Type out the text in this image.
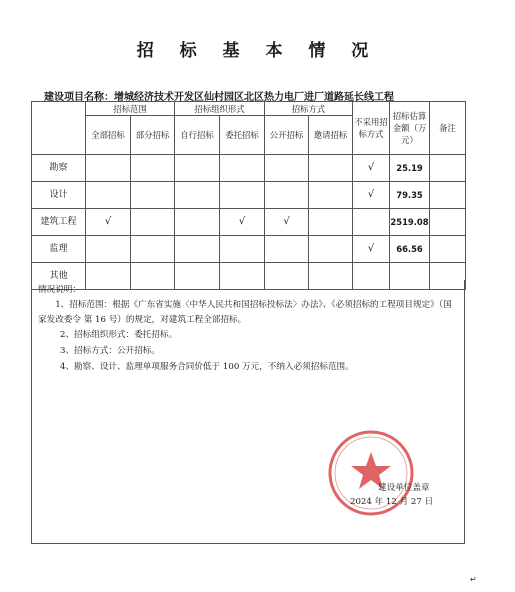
招 标 基 本 情 况
建设项目名称：增城经济技术开发区仙村园区北区热力电厂进厂道路延长线工程
	招标范围		招标组织形式		招标方式		不采用招标方式	招标估算金额（万元）	备注
	全部招标	部分招标	自行招标	委托招标	公开招标	邀请招标			
勘察							√	25.19	
设计							√	79.35	
建筑工程	√			√	√			2519.08	
监理							√	66.56	
其他									
情况说明：
1、招标范围：根据《广东省实施〈中华人民共和国招标投标法〉办法》、《必须招标的工程项目规定》（国家发改委令 第 16 号）的规定，对建筑工程全部招标。
2、招标组织形式：委托招标。
3、招标方式：公开招标。
4、勘察、设计、监理单项服务合同价低于 100 万元，不纳入必须招标范围。
建设单位盖章
2024 年 12 月 27 日
↵
